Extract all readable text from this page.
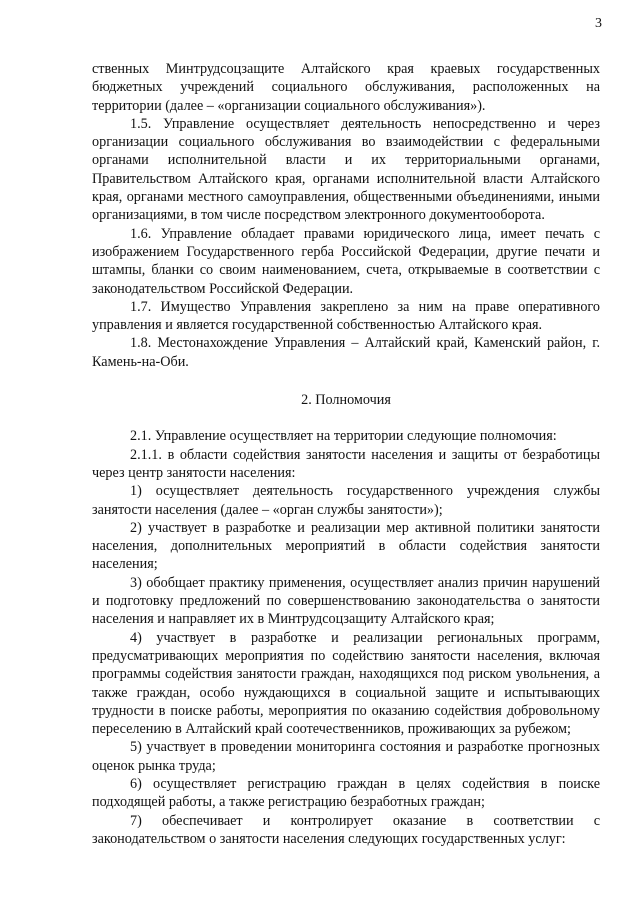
3

ственных Минтрудсоцзащите Алтайского края краевых государственных бюджетных учреждений социального обслуживания, расположенных на территории (далее – «организации социального обслуживания»).

1.5. Управление осуществляет деятельность непосредственно и через организации социального обслуживания во взаимодействии с федеральными органами исполнительной власти и их территориальными органами, Правительством Алтайского края, органами исполнительной власти Алтайского края, органами местного самоуправления, общественными объединениями, иными организациями, в том числе посредством электронного документооборота.

1.6. Управление обладает правами юридического лица, имеет печать с изображением Государственного герба Российской Федерации, другие печати и штампы, бланки со своим наименованием, счета, открываемые в соответствии с законодательством Российской Федерации.

1.7. Имущество Управления закреплено за ним на праве оперативного управления и является государственной собственностью Алтайского края.

1.8. Местонахождение Управления – Алтайский край, Каменский район, г. Камень-на-Оби.

2. Полномочия

2.1. Управление осуществляет на территории следующие полномочия:

2.1.1. в области содействия занятости населения и защиты от безработицы через центр занятости населения:

1) осуществляет деятельность государственного учреждения службы занятости населения (далее – «орган службы занятости»);

2) участвует в разработке и реализации мер активной политики занятости населения, дополнительных мероприятий в области содействия занятости населения;

3) обобщает практику применения, осуществляет анализ причин нарушений и подготовку предложений по совершенствованию законодательства о занятости населения и направляет их в Минтрудсоцзащиту Алтайского края;

4) участвует в разработке и реализации региональных программ, предусматривающих мероприятия по содействию занятости населения, включая программы содействия занятости граждан, находящихся под риском увольнения, а также граждан, особо нуждающихся в социальной защите и испытывающих трудности в поиске работы, мероприятия по оказанию содействия добровольному переселению в Алтайский край соотечественников, проживающих за рубежом;

5) участвует в проведении мониторинга состояния и разработке прогнозных оценок рынка труда;

6) осуществляет регистрацию граждан в целях содействия в поиске подходящей работы, а также регистрацию безработных граждан;

7) обеспечивает и контролирует оказание в соответствии с законодательством о занятости населения следующих государственных услуг:
